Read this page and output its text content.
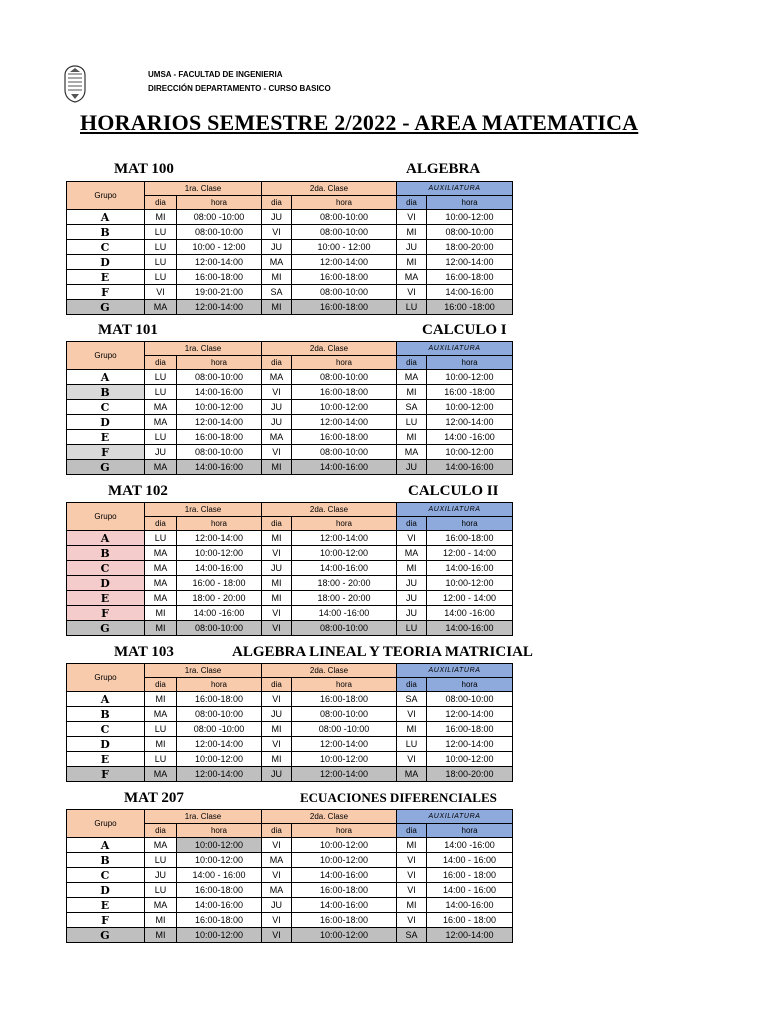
UMSA - FACULTAD DE INGENIERIA
DIRECCIÓN DEPARTAMENTO - CURSO BASICO
HORARIOS SEMESTRE 2/2022 - AREA MATEMATICA
MAT 100	ALGEBRA
MAT 101	CALCULO I
MAT 102	CALCULO II
MAT 103	ALGEBRA LINEAL Y TEORIA MATRICIAL
MAT 207	ECUACIONES DIFERENCIALES
Grupo	1ra. Clase		2da. Clase		AUXILIATURA	
	dia	hora	dia	hora	dia	hora
A	MI	08:00 -10:00	JU	08:00-10:00	VI	10:00-12:00
B	LU	08:00-10:00	VI	08:00-10:00	MI	08:00-10:00
C	LU	10:00 - 12:00	JU	10:00 - 12:00	JU	18:00-20:00
D	LU	12:00-14:00	MA	12:00-14:00	MI	12:00-14:00
E	LU	16:00-18:00	MI	16:00-18:00	MA	16:00-18:00
F	VI	19:00-21:00	SA	08:00-10:00	VI	14:00-16:00
G	MA	12:00-14:00	MI	16:00-18:00	LU	16:00 -18:00
Grupo	1ra. Clase		2da. Clase		AUXILIATURA	
	dia	hora	dia	hora	dia	hora
A	LU	08:00-10:00	MA	08:00-10:00	MA	10:00-12:00
B	LU	14:00-16:00	VI	16:00-18:00	MI	16:00 -18:00
C	MA	10:00-12:00	JU	10:00-12:00	SA	10:00-12:00
D	MA	12:00-14:00	JU	12:00-14:00	LU	12:00-14:00
E	LU	16:00-18:00	MA	16:00-18:00	MI	14:00 -16:00
F	JU	08:00-10:00	VI	08:00-10:00	MA	10:00-12:00
G	MA	14:00-16:00	MI	14:00-16:00	JU	14:00-16:00
Grupo	1ra. Clase		2da. Clase		AUXILIATURA	
	dia	hora	dia	hora	dia	hora
A	LU	12:00-14:00	MI	12:00-14:00	VI	16:00-18:00
B	MA	10:00-12:00	VI	10:00-12:00	MA	12:00 - 14:00
C	MA	14:00-16:00	JU	14:00-16:00	MI	14:00-16:00
D	MA	16:00 - 18:00	MI	18:00 - 20:00	JU	10:00-12:00
E	MA	18:00 - 20:00	MI	18:00 - 20:00	JU	12:00 - 14:00
F	MI	14:00 -16:00	VI	14:00 -16:00	JU	14:00 -16:00
G	MI	08:00-10:00	VI	08:00-10:00	LU	14:00-16:00
Grupo	1ra. Clase		2da. Clase		AUXILIATURA	
	dia	hora	dia	hora	dia	hora
A	MI	16:00-18:00	VI	16:00-18:00	SA	08:00-10:00
B	MA	08:00-10:00	JU	08:00-10:00	VI	12:00-14:00
C	LU	08:00 -10:00	MI	08:00 -10:00	MI	16:00-18:00
D	MI	12:00-14:00	VI	12:00-14:00	LU	12:00-14:00
E	LU	10:00-12:00	MI	10:00-12:00	VI	10:00-12:00
F	MA	12:00-14:00	JU	12:00-14:00	MA	18:00-20:00
Grupo	1ra. Clase		2da. Clase		AUXILIATURA	
	dia	hora	dia	hora	dia	hora
A	MA	10:00-12:00	VI	10:00-12:00	MI	14:00 -16:00
B	LU	10:00-12:00	MA	10:00-12:00	VI	14:00 - 16:00
C	JU	14:00 - 16:00	VI	14:00-16:00	VI	16:00 - 18:00
D	LU	16:00-18:00	MA	16:00-18:00	VI	14:00 - 16:00
E	MA	14:00-16:00	JU	14:00-16:00	MI	14:00-16:00
F	MI	16:00-18:00	VI	16:00-18:00	VI	16:00 - 18:00
G	MI	10:00-12:00	VI	10:00-12:00	SA	12:00-14:00
